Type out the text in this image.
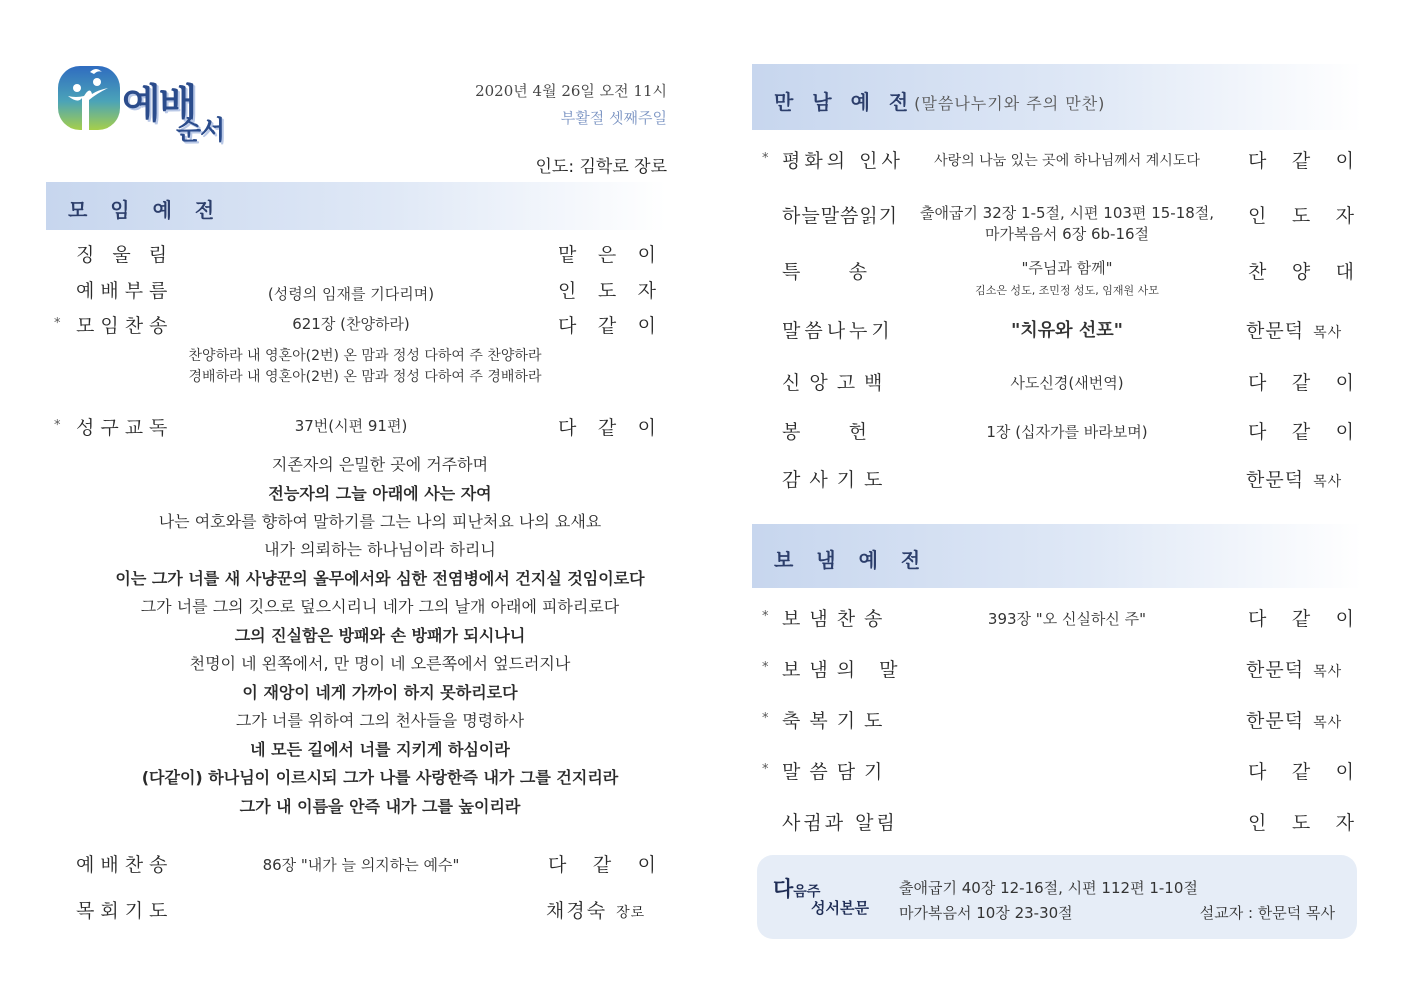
예배
순서
2020년 4월 26일 오전 11시
부활절 셋째주일
인도: 김학로 장로
모 임 예 전
징 울 림	맡 은 이
예배부름	(성령의 임재를 기다리며)	인 도 자
* 모임찬송	621장 (찬양하라)	다 같 이
찬양하라 내 영혼아(2번) 온 맘과 정성 다하여 주 찬양하라
경배하라 내 영혼아(2번) 온 맘과 정성 다하여 주 경배하라
* 성구교독	37번(시편 91편)	다 같 이
지존자의 은밀한 곳에 거주하며
전능자의 그늘 아래에 사는 자여
나는 여호와를 향하여 말하기를 그는 나의 피난처요 나의 요새요
내가 의뢰하는 하나님이라 하리니
이는 그가 너를 새 사냥꾼의 올무에서와 심한 전염병에서 건지실 것임이로다
그가 너를 그의 깃으로 덮으시리니 네가 그의 날개 아래에 피하리로다
그의 진실함은 방패와 손 방패가 되시나니
천명이 네 왼쪽에서, 만 명이 네 오른쪽에서 엎드러지나
이 재앙이 네게 가까이 하지 못하리로다
그가 너를 위하여 그의 천사들을 명령하사
네 모든 길에서 너를 지키게 하심이라
(다같이) 하나님이 이르시되 그가 나를 사랑한즉 내가 그를 건지리라
그가 내 이름을 안즉 내가 그를 높이리라
예배찬송	86장 "내가 늘 의지하는 예수"	다 같 이
목회기도	채경숙 장로
만 남 예 전(말씀나누기와 주의 만찬)
* 평화의 인사	사랑의 나눔 있는 곳에 하나님께서 계시도다	다 같 이
하늘말씀읽기	출애굽기 32장 1-5절, 시편 103편 15-18절,
마가복음서 6장 6b-16절
인 도 자
특        송	"주님과 함께"
김소은 성도, 조민정 성도, 임재원 사모
찬 양 대
말씀나누기	"치유와 선포"	한문덕 목사
신앙고백	사도신경(새번역)	다 같 이
봉        헌	1장 (십자가를 바라보며)	다 같 이
감사기도	한문덕 목사
보 냄 예 전
* 보냄찬송	393장 "오 신실하신 주"	다 같 이
* 보냄의 말	한문덕 목사
* 축복기도	한문덕 목사
* 말씀담기	다 같 이
사귐과 알림	인 도 자
다음주
성서본문
출애굽기 40장 12-16절, 시편 112편 1-10절
마가복음서 10장 23-30절	설교자 : 한문덕 목사
